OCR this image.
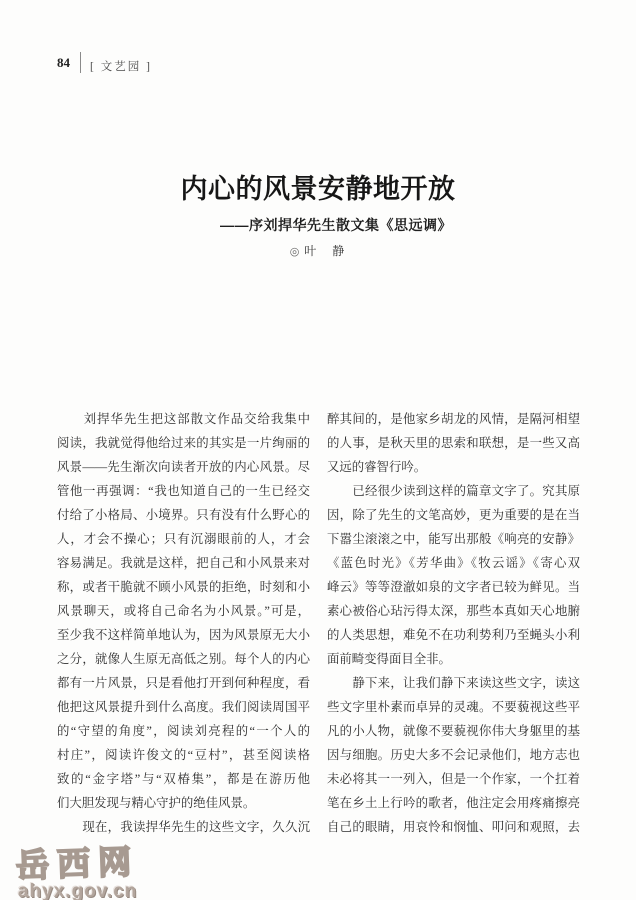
84 [ 文艺园 ]
内心的风景安静地开放
——序刘捍华先生散文集《思远调》
◎ 叶　静
　　刘捍华先生把这部散文作品交给我集中
阅读，我就觉得他给过来的其实是一片绚丽的
风景——先生渐次向读者开放的内心风景。尽
管他一再强调：“我也知道自己的一生已经交
付给了小格局、小境界。只有没有什么野心的
人，才会不操心；只有沉溺眼前的人，才会
容易满足。我就是这样，把自己和小风景来对
称，或者干脆就不顾小风景的拒绝，时刻和小
风景聊天，或将自己命名为小风景。”可是，
至少我不这样简单地认为，因为风景原无大小
之分，就像人生原无高低之别。每个人的内心
都有一片风景，只是看他打开到何种程度，看
他把这风景提升到什么高度。我们阅读周国平
的“守望的角度”，阅读刘亮程的“一个人的
村庄”，阅读许俊文的“豆村”，甚至阅读格
致的“金字塔”与“双椿集”，都是在游历他
们大胆发现与精心守护的绝佳风景。
　　现在，我读捍华先生的这些文字，久久沉
醉其间的，是他家乡胡龙的风情，是隔河相望
的人事，是秋天里的思索和联想，是一些又高
又远的睿智行吟。
　　已经很少读到这样的篇章文字了。究其原
因，除了先生的文笔高妙，更为重要的是在当
下嚣尘滚滚之中，能写出那般《响亮的安静》
《蓝色时光》《芳华曲》《牧云谣》《寄心双
峰云》等等澄澈如泉的文字者已较为鲜见。当
素心被俗心玷污得太深，那些本真如天心地腑
的人类思想，难免不在功利势利乃至蝇头小利
面前畸变得面目全非。
　　静下来，让我们静下来读这些文字，读这
些文字里朴素而卓异的灵魂。不要藐视这些平
凡的小人物，就像不要藐视你伟大身躯里的基
因与细胞。历史大多不会记录他们，地方志也
未必将其一一列入，但是一个作家，一个扛着
笔在乡土上行吟的歌者，他注定会用疼痛擦亮
自己的眼睛，用哀怜和悯恤、叩问和观照，去
岳西网
ahyx.gov.cn
